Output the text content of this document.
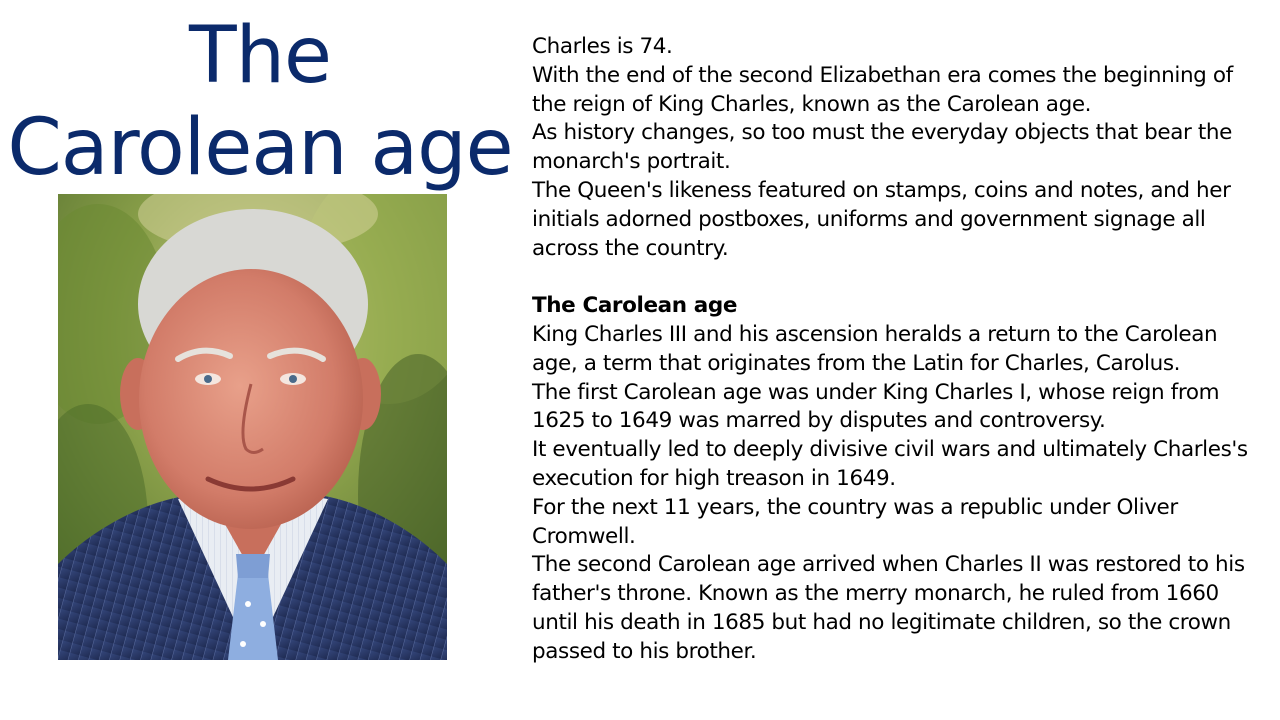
The
Carolean age

Charles is 74.

With the end of the second Elizabethan era comes the beginning of the reign of King Charles, known as the Carolean age.

As history changes, so too must the everyday objects that bear the monarch's portrait.

The Queen's likeness featured on stamps, coins and notes, and her initials adorned postboxes, uniforms and government signage all across the country.

The Carolean age

King Charles III and his ascension heralds a return to the Carolean age, a term that originates from the Latin for Charles, Carolus.

The first Carolean age was under King Charles I, whose reign from 1625 to 1649 was marred by disputes and controversy.

It eventually led to deeply divisive civil wars and ultimately Charles's execution for high treason in 1649.

For the next 11 years, the country was a republic under Oliver Cromwell.

The second Carolean age arrived when Charles II was restored to his father's throne. Known as the merry monarch, he ruled from 1660 until his death in 1685 but had no legitimate children, so the crown passed to his brother.
